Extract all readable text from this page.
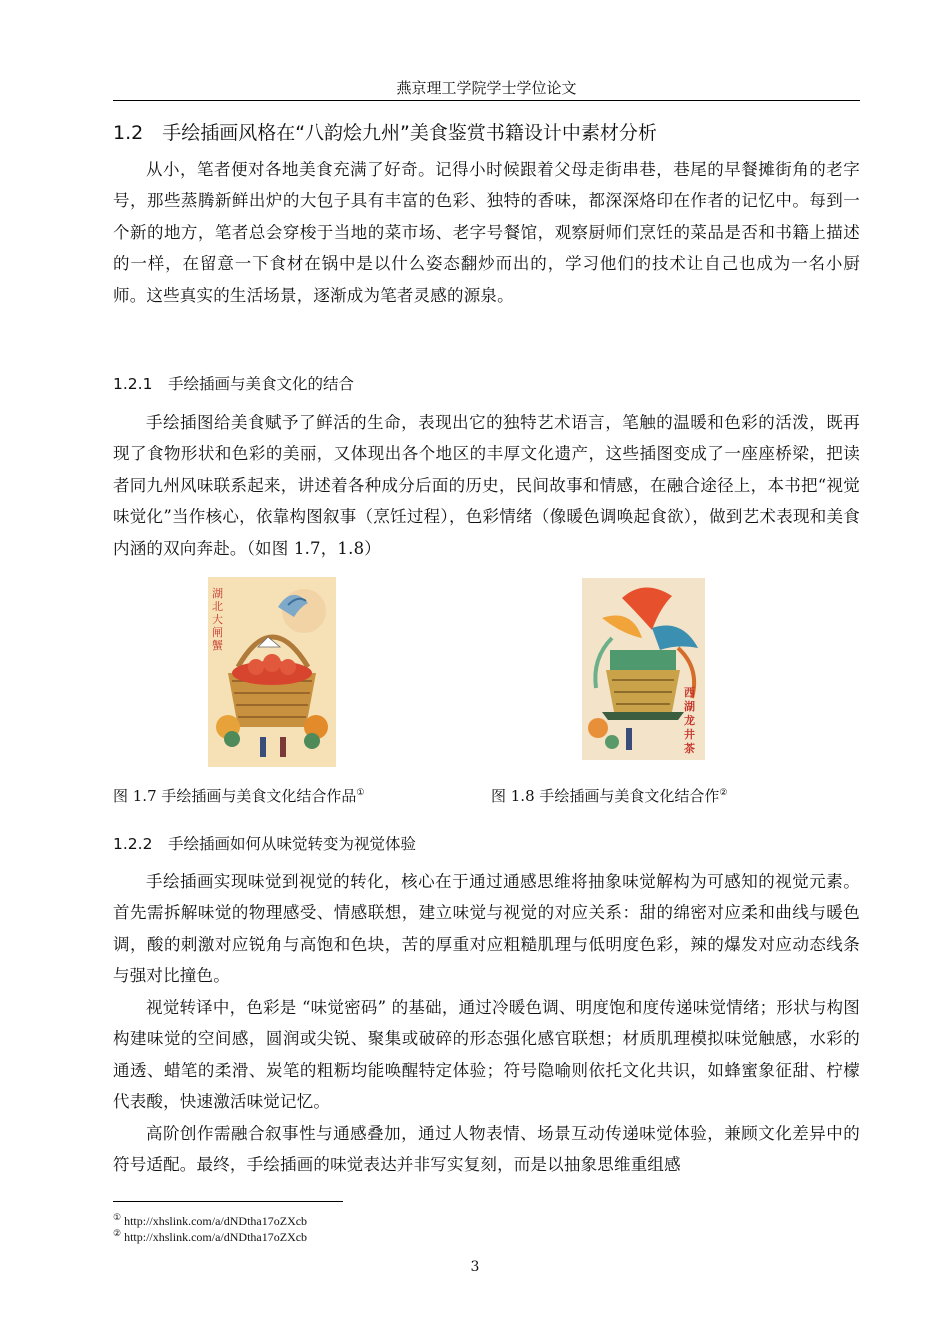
燕京理工学院学士学位论文
1.2　手绘插画风格在“八韵烩九州”美食鉴赏书籍设计中素材分析

从小，笔者便对各地美食充满了好奇。记得小时候跟着父母走街串巷，巷尾的早餐摊街角的老字号，那些蒸腾新鲜出炉的大包子具有丰富的色彩、独特的香味，都深深烙印在作者的记忆中。每到一个新的地方，笔者总会穿梭于当地的菜市场、老字号餐馆，观察厨师们烹饪的菜品是否和书籍上描述的一样，在留意一下食材在锅中是以什么姿态翻炒而出的，学习他们的技术让自己也成为一名小厨师。这些真实的生活场景，逐渐成为笔者灵感的源泉。

1.2.1　手绘插画与美食文化的结合

手绘插图给美食赋予了鲜活的生命，表现出它的独特艺术语言，笔触的温暖和色彩的活泼，既再现了食物形状和色彩的美丽，又体现出各个地区的丰厚文化遗产，这些插图变成了一座座桥梁，把读者同九州风味联系起来，讲述着各种成分后面的历史，民间故事和情感，在融合途径上，本书把“视觉味觉化”当作核心，依靠构图叙事（烹饪过程），色彩情绪（像暖色调唤起食欲），做到艺术表现和美食内涵的双向奔赴。（如图 1.7，1.8）

湖北大闸蟹
西湖龙井茶
图 1.7 手绘插画与美食文化结合作品①	图 1.8 手绘插画与美食文化结合作②
1.2.2　手绘插画如何从味觉转变为视觉体验

手绘插画实现味觉到视觉的转化，核心在于通过通感思维将抽象味觉解构为可感知的视觉元素。首先需拆解味觉的物理感受、情感联想，建立味觉与视觉的对应关系：甜的绵密对应柔和曲线与暖色调，酸的刺激对应锐角与高饱和色块，苦的厚重对应粗糙肌理与低明度色彩，辣的爆发对应动态线条与强对比撞色。

视觉转译中，色彩是 “味觉密码” 的基础，通过冷暖色调、明度饱和度传递味觉情绪；形状与构图构建味觉的空间感，圆润或尖锐、聚集或破碎的形态强化感官联想；材质肌理模拟味觉触感，水彩的通透、蜡笔的柔滑、炭笔的粗粝均能唤醒特定体验；符号隐喻则依托文化共识，如蜂蜜象征甜、柠檬代表酸，快速激活味觉记忆。

高阶创作需融合叙事性与通感叠加，通过人物表情、场景互动传递味觉体验，兼顾文化差异中的符号适配。最终，手绘插画的味觉表达并非写实复刻，而是以抽象思维重组感

① http://xhslink.com/a/dNDtha17oZXcb
② http://xhslink.com/a/dNDtha17oZXcb
3
